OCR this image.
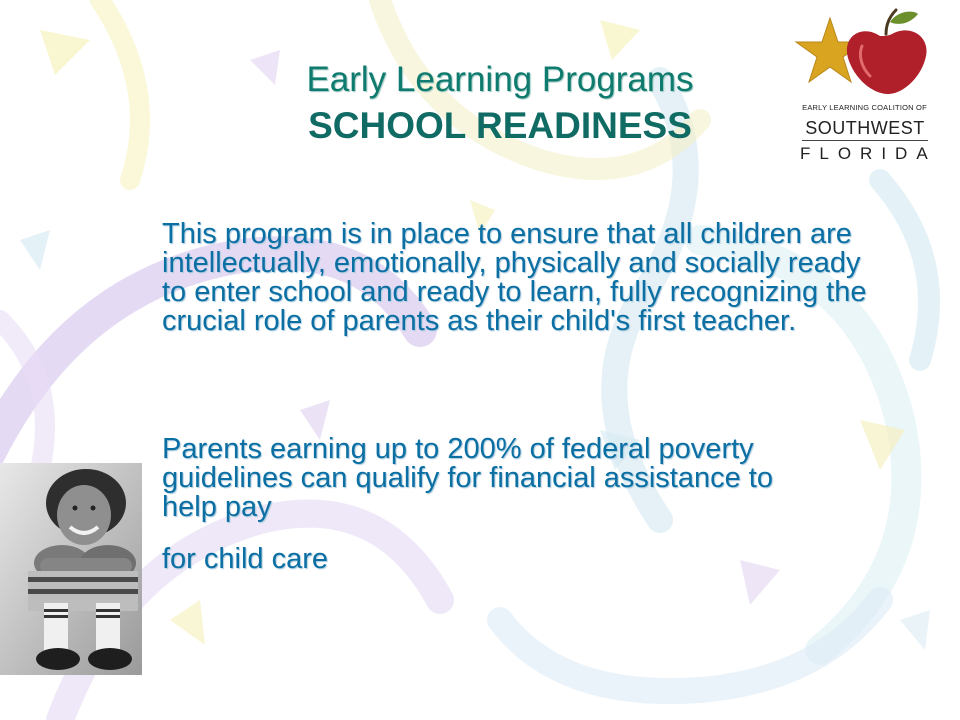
Early Learning Programs
SCHOOL READINESS

This program is in place to ensure that all children are intellectually, emotionally, physically and socially ready to enter school and ready to learn, fully recognizing the crucial role of parents as their child's first teacher.

Parents earning up to 200% of federal poverty guidelines can qualify for financial assistance to help pay

for child care

EARLY LEARNING COALITION OF
SOUTHWEST
FLORIDA
